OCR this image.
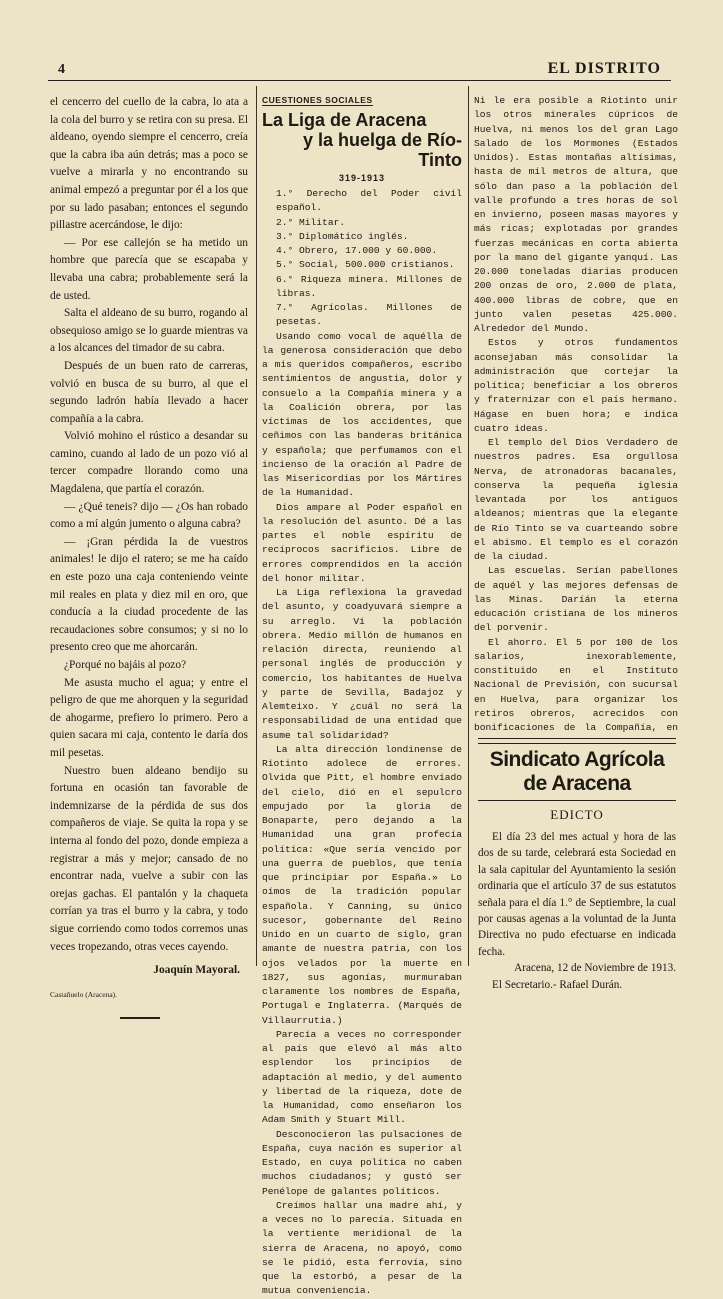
4	EL DISTRITO

el cencerro del cuello de la cabra, lo ata a la cola del burro y se retira con su presa. El aldeano, oyendo siempre el cencerro, creía que la cabra iba aún detrás; mas a poco se vuelve a mirarla y no encontrando su animal empezó a preguntar por él a los que por su lado pasaban; entonces el segundo pillastre acercándose, le dijo:

— Por ese callejón se ha metido un hombre que parecía que se escapaba y llevaba una cabra; probablemente será la de usted.

Salta el aldeano de su burro, rogando al obsequioso amigo se lo guarde mientras va a los alcances del timador de su cabra.

Después de un buen rato de carreras, volvió en busca de su burro, al que el segundo ladrón había llevado a hacer compañía a la cabra.

Volvió mohino el rústico a desandar su camino, cuando al lado de un pozo vió al tercer compadre llorando como una Magdalena, que partía el corazón.

— ¿Qué teneis? dijo — ¿Os han robado como a mí algún jumento o alguna cabra?

— ¡Gran pérdida la de vuestros animales! le dijo el ratero; se me ha caído en este pozo una caja conteniendo veinte mil reales en plata y diez mil en oro, que conducía a la ciudad procedente de las recaudaciones sobre consumos; y si no lo presento creo que me ahorcarán.

¿Porqué no bajáis al pozo?

Me asusta mucho el agua; y entre el peligro de que me ahorquen y la seguridad de ahogarme, prefiero lo primero. Pero a quien sacara mi caja, contento le daría dos mil pesetas.

Nuestro buen aldeano bendijo su fortuna en ocasión tan favorable de indemnizarse de la pérdida de sus dos compañeros de viaje. Se quita la ropa y se interna al fondo del pozo, donde empieza a registrar a más y mejor; cansado de no encontrar nada, vuelve a subir con las orejas gachas. El pantalón y la chaqueta corrían ya tras el burro y la cabra, y todo sigue corriendo como todos corremos unas veces tropezando, otras veces cayendo.

Joaquín Mayoral.
Castañuelo (Aracena).
CUESTIONES SOCIALES
La Liga de Aracena
y la huelga de Río-Tinto
319-1913
1.° Derecho del Poder civil español.
2.° Militar.
3.° Diplomático inglés.
4.° Obrero, 17.000 y 60.000.
5.° Social, 500.000 cristianos.
6.° Riqueza minera. Millones de libras.
7.° Agrícolas. Millones de pesetas.

Usando como vocal de aquélla de la generosa consideración que debo a mis queridos compañeros, escribo sentimientos de angustia, dolor y consuelo a la Compañía minera y a la Coalición obrera, por las víctimas de los accidentes, que ceñimos con las banderas británica y española; que perfumamos con el incienso de la oración al Padre de las Misericordias por los Mártires de la Humanidad.

Dios ampare al Poder español en la resolución del asunto. Dé a las partes el noble espíritu de recíprocos sacrificios. Libre de errores comprendidos en la acción del honor militar.

La Liga reflexiona la gravedad del asunto, y coadyuvará siempre a su arreglo. Vi la población obrera. Medio millón de humanos en relación directa, reuniendo al personal inglés de producción y comercio, los habitantes de Huelva y parte de Sevilla, Badajoz y Alemteixo. Y ¿cuál no será la responsabilidad de una entidad que asume tal solidaridad?

La alta dirección londinense de Riotinto adolece de errores. Olvida que Pitt, el hombre enviado del cielo, dió en el sepulcro empujado por la gloria de Bonaparte, pero dejando a la Humanidad una gran profecía política: «Que sería vencido por una guerra de pueblos, que tenía que principiar por España.» Lo oímos de la tradición popular española. Y Canning, su único sucesor, gobernante del Reino Unido en un cuarto de siglo, gran amante de nuestra patria, con los ojos velados por la muerte en 1827, sus agonías, murmuraban claramente los nombres de España, Portugal e Inglaterra. (Marqués de Villaurrutia.)

Parecía a veces no corresponder al país que elevó al más alto esplendor los principios de adaptación al medio, y del aumento y libertad de la riqueza, dote de la Humanidad, como enseñaron los Adam Smith y Stuart Mill.

Desconocieron las pulsaciones de España, cuya nación es superior al Estado, en cuya política no caben muchos ciudadanos; y gustó ser Penélope de galantes políticos.

Creímos hallar una madre ahí, y a veces no lo parecía. Situada en la vertiente meridional de la sierra de Aracena, no apoyó, como se le pidió, esta ferrovía, sino que la estorbó, a pesar de la mutua conveniencia.

Ni le era posible a Riotinto unir los otros minerales cúpricos de Huelva, ni menos los del gran Lago Salado de los Mormones (Estados Unidos). Estas montañas altísimas, hasta de mil metros de altura, que sólo dan paso a la población del valle profundo a tres horas de sol en invierno, poseen masas mayores y más ricas; explotadas por grandes fuerzas mecánicas en corta abierta por la mano del gigante yanquí. Las 20.000 toneladas diarias producen 200 onzas de oro, 2.000 de plata, 400.000 libras de cobre, que en junto valen pesetas 425.000. Alrededor del Mundo.

Estos y otros fundamentos aconsejaban más consolidar la administración que cortejar la política; beneficiar a los obreros y fraternizar con el país hermano. Hágase en buen hora; e indica cuatro ideas.

El templo del Dios Verdadero de nuestros padres. Esa orgullosa Nerva, de atronadoras bacanales, conserva la pequeña iglesia levantada por los antiguos aldeanos; mientras que la elegante de Río Tinto se va cuarteando sobre el abismo. El templo es el corazón de la ciudad.

Las escuelas. Serían pabellones de aquél y las mejores defensas de las Minas. Daríán la eterna educación cristiana de los mineros del porvenir.

El ahorro. El 5 por 100 de los salarios, inexorablemente, constituido en el Instituto Nacional de Previsión, con sucursal en Huelva, para organizar los retiros obreros, acrecidos con bonificaciones de la Compañía, en

Sindicato Agrícola de Aracena
EDICTO

El día 23 del mes actual y hora de las dos de su tarde, celebrará esta Sociedad en la sala capitular del Ayuntamiento la sesión ordinaria que el artículo 37 de sus estatutos señala para el día 1.° de Septiembre, la cual por causas agenas a la voluntad de la Junta Directiva no pudo efectuarse en indicada fecha.

Aracena, 12 de Noviembre de 1913.

El Secretario.- Rafael Durán.
